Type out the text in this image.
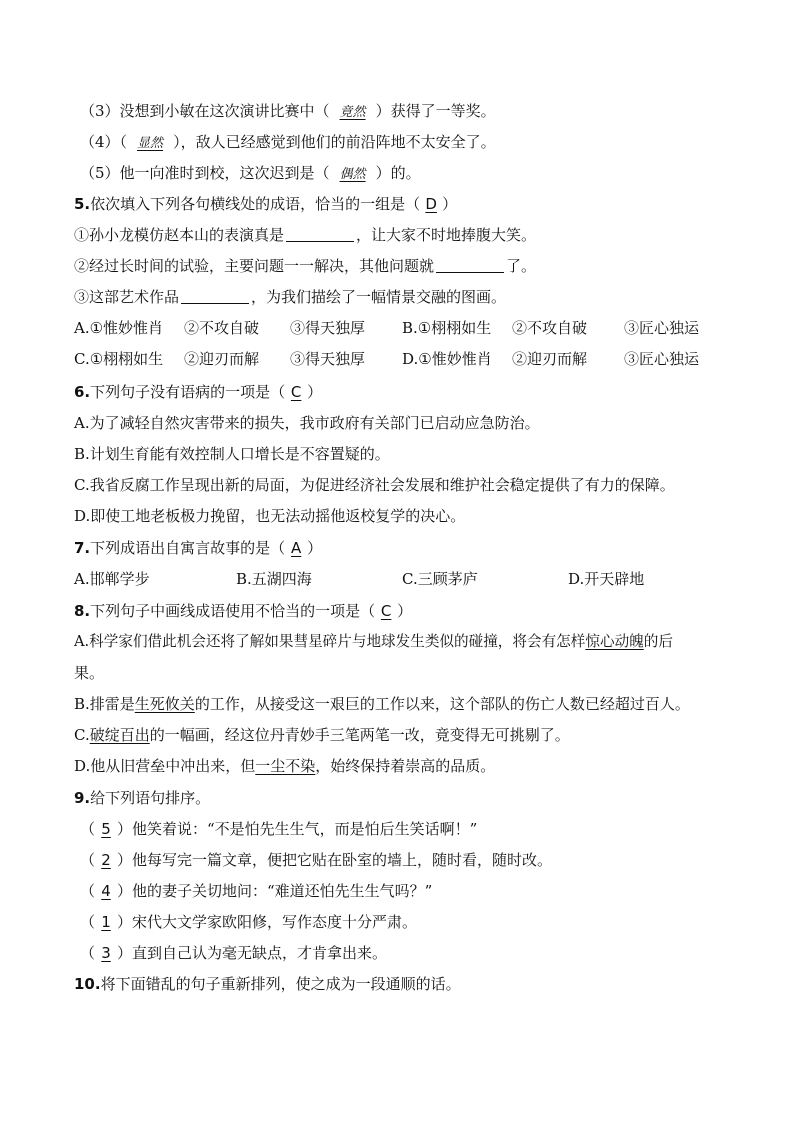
（3）没想到小敏在这次演讲比赛中（ 竟然 ）获得了一等奖。
（4）（ 显然 ），敌人已经感觉到他们的前沿阵地不太安全了。
（5）他一向准时到校，这次迟到是（ 偶然 ）的。
5.依次填入下列各句横线处的成语，恰当的一组是（ D ）
①孙小龙模仿赵本山的表演真是	，让大家不时地捧腹大笑。
②经过长时间的试验，主要问题一一解决，其他问题就	了。
③这部艺术作品	，为我们描绘了一幅情景交融的图画。
A.①惟妙惟肖 ②不攻自破 ③得天独厚 B.①栩栩如生 ②不攻自破 ③匠心独运
C.①栩栩如生 ②迎刃而解 ③得天独厚 D.①惟妙惟肖 ②迎刃而解 ③匠心独运
6.下列句子没有语病的一项是（ C ）
A.为了减轻自然灾害带来的损失，我市政府有关部门已启动应急防治。
B.计划生育能有效控制人口增长是不容置疑的。
C.我省反腐工作呈现出新的局面，为促进经济社会发展和维护社会稳定提供了有力的保障。
D.即使工地老板极力挽留，也无法动摇他返校复学的决心。
7.下列成语出自寓言故事的是（ A ）
A.邯郸学步	B.五湖四海	C.三顾茅庐	D.开天辟地
8.下列句子中画线成语使用不恰当的一项是（ C ）
A.科学家们借此机会还将了解如果彗星碎片与地球发生类似的碰撞，将会有怎样惊心动魄的后
果。
B.排雷是生死攸关的工作，从接受这一艰巨的工作以来，这个部队的伤亡人数已经超过百人。
C.破绽百出的一幅画，经这位丹青妙手三笔两笔一改，竟变得无可挑剔了。
D.他从旧营垒中冲出来，但一尘不染，始终保持着崇高的品质。
9.给下列语句排序。
（ 5 ）他笑着说：“不是怕先生生气，而是怕后生笑话啊！”
（ 2 ）他每写完一篇文章，便把它贴在卧室的墙上，随时看，随时改。
（ 4 ）他的妻子关切地问：“难道还怕先生生气吗？”
（ 1 ）宋代大文学家欧阳修，写作态度十分严肃。
（ 3 ）直到自己认为毫无缺点，才肯拿出来。
10.将下面错乱的句子重新排列，使之成为一段通顺的话。
